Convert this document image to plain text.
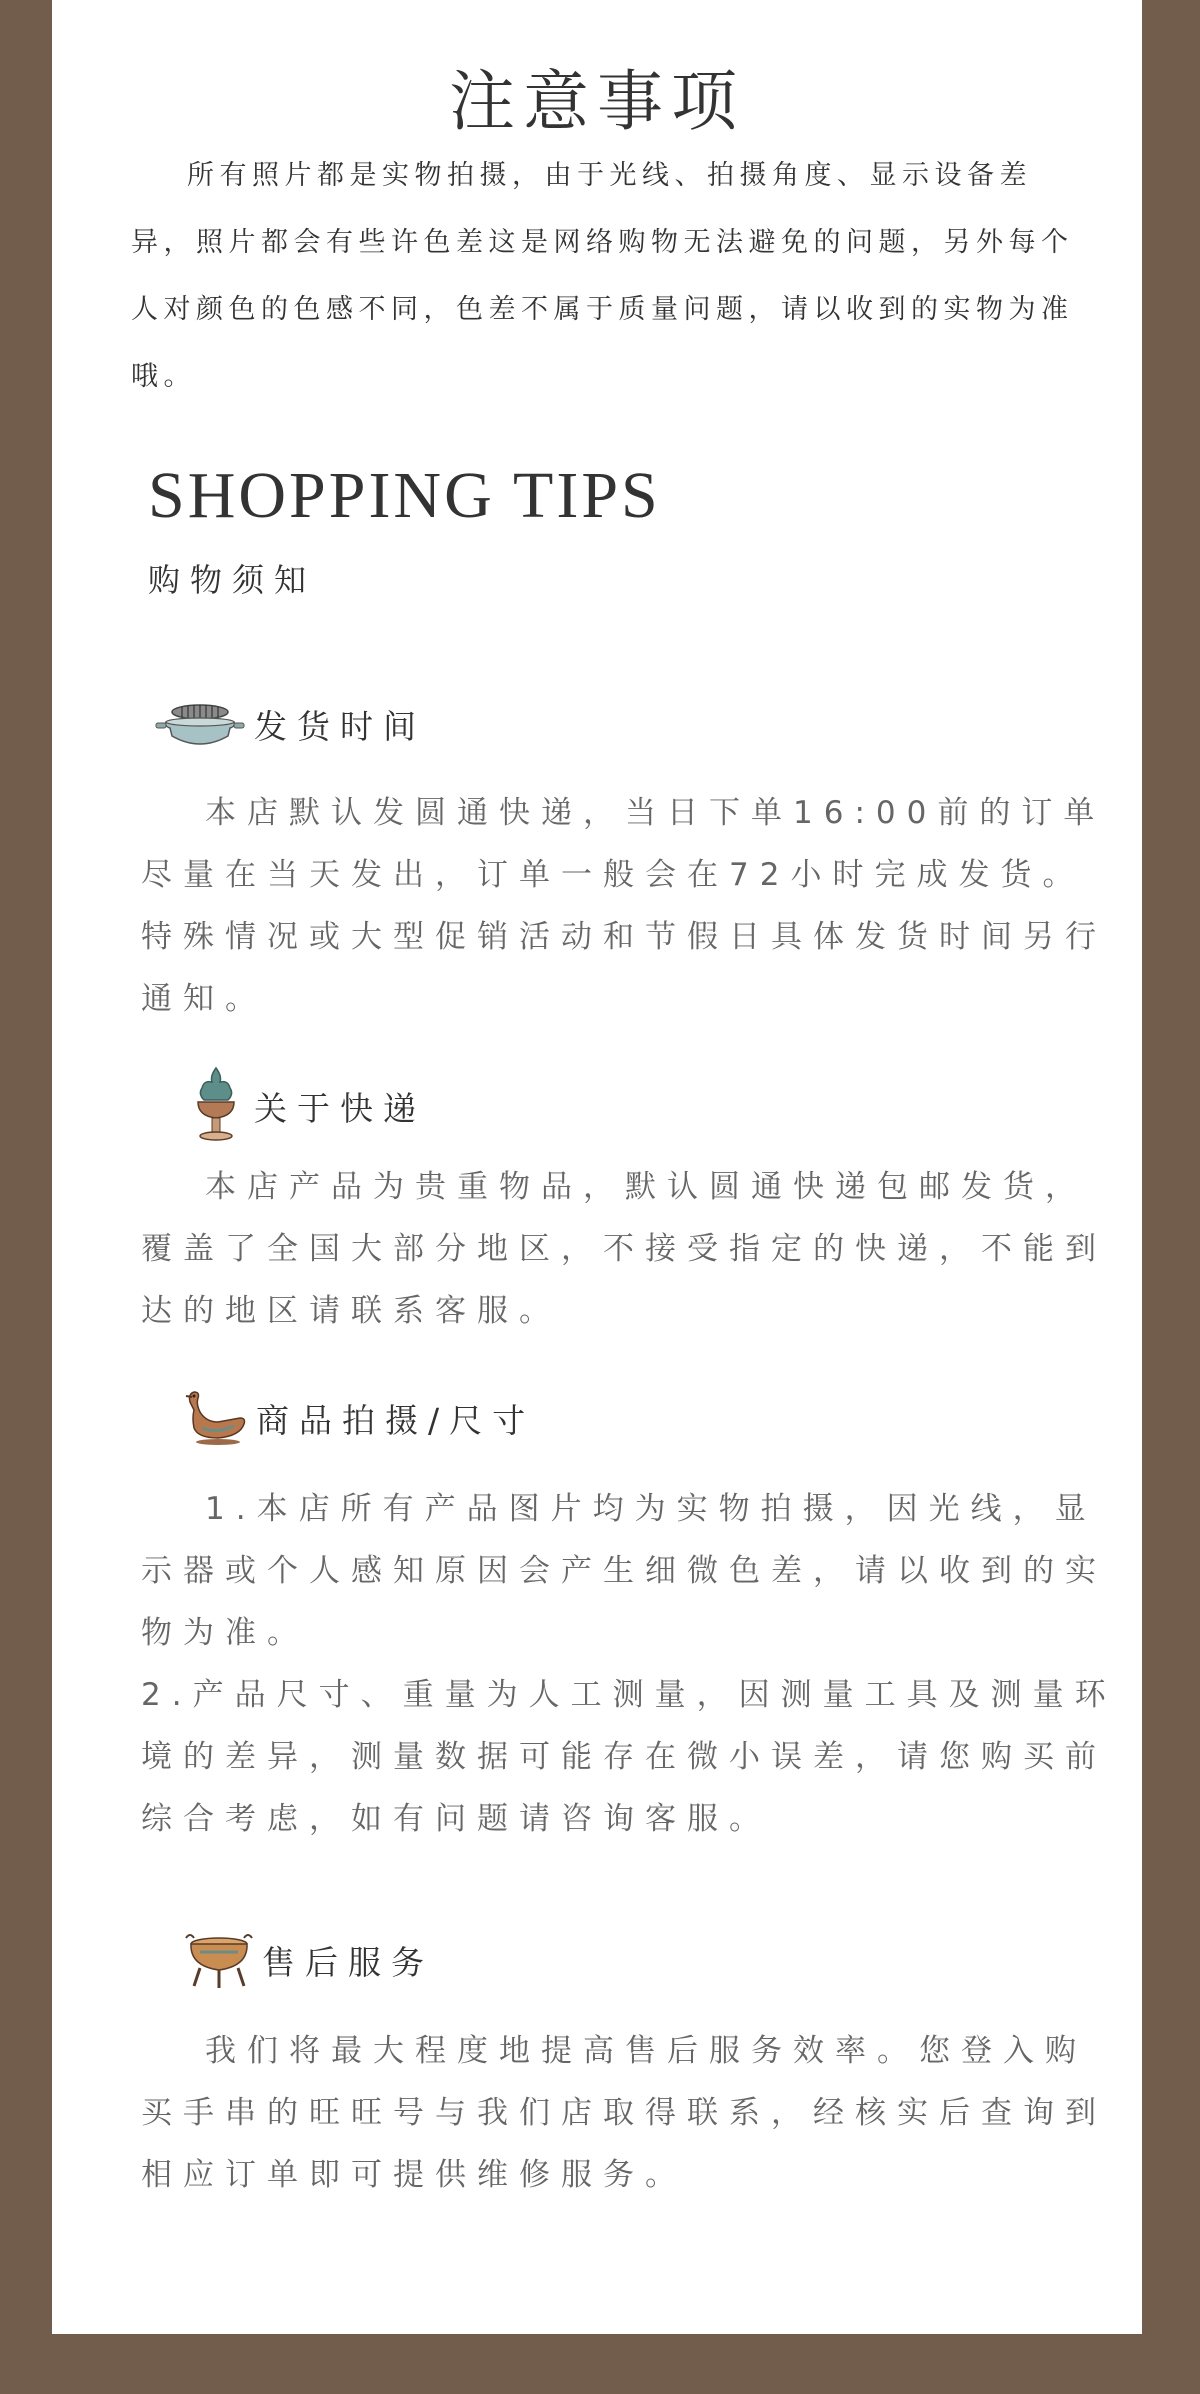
注意事项

所有照片都是实物拍摄，由于光线、拍摄角度、显示设备差异，照片都会有些许色差这是网络购物无法避免的问题，另外每个人对颜色的色感不同，色差不属于质量问题，请以收到的实物为准哦。

SHOPPING TIPS
购物须知
发货时间

本店默认发圆通快递，当日下单16:00前的订单尽量在当天发出，订单一般会在72小时完成发货。特殊情况或大型促销活动和节假日具体发货时间另行通知。

关于快递

本店产品为贵重物品，默认圆通快递包邮发货，覆盖了全国大部分地区，不接受指定的快递，不能到达的地区请联系客服。

商品拍摄/尺寸

1.本店所有产品图片均为实物拍摄，因光线，显示器或个人感知原因会产生细微色差，请以收到的实物为准。

2.产品尺寸、重量为人工测量，因测量工具及测量环境的差异，测量数据可能存在微小误差，请您购买前综合考虑，如有问题请咨询客服。

售后服务

我们将最大程度地提高售后服务效率。您登入购买手串的旺旺号与我们店取得联系，经核实后查询到相应订单即可提供维修服务。
